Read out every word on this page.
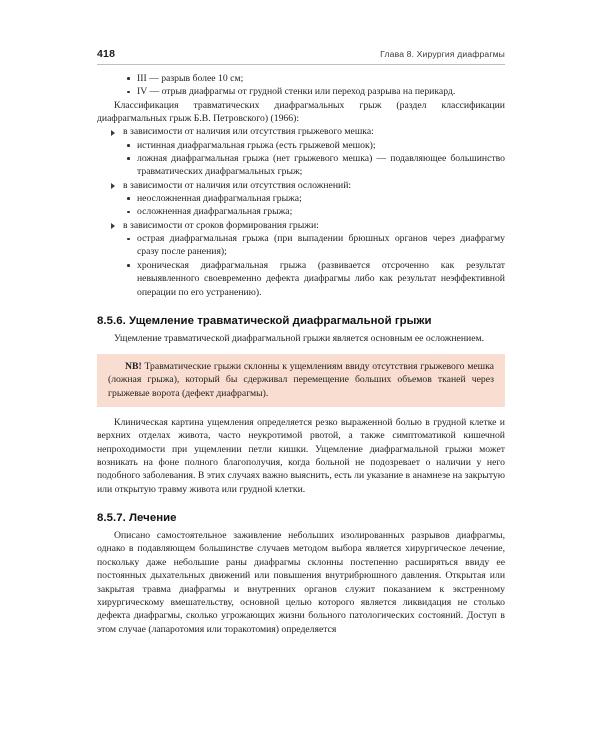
418	Глава 8. Хирургия диафрагмы
III — разрыв более 10 см;
IV — отрыв диафрагмы от грудной стенки или переход разрыва на перикард.

Классификация травматических диафрагмальных грыж (раздел классификации диафрагмальных грыж Б.В. Петровского) (1966):

в зависимости от наличия или отсутствия грыжевого мешка:
истинная диафрагмальная грыжа (есть грыжевой мешок);
ложная диафрагмальная грыжа (нет грыжевого мешка) — подавляющее большинство травматических диафрагмальных грыж;
в зависимости от наличия или отсутствия осложнений:
неосложненная диафрагмальная грыжа;
осложненная диафрагмальная грыжа;
в зависимости от сроков формирования грыжи:
острая диафрагмальная грыжа (при выпадении брюшных органов через диафрагму сразу после ранения);
хроническая диафрагмальная грыжа (развивается отсроченно как результат невыявленного своевременно дефекта диафрагмы либо как результат неэффективной операции по его устранению).
8.5.6. Ущемление травматической диафрагмальной грыжи

Ущемление травматической диафрагмальной грыжи является основным ее осложнением.

NB! Травматические грыжи склонны к ущемлениям ввиду отсутствия грыжевого мешка (ложная грыжа), который бы сдерживал перемещение больших объемов тканей через грыжевые ворота (дефект диафрагмы).

Клиническая картина ущемления определяется резко выраженной болью в грудной клетке и верхних отделах живота, часто неукротимой рвотой, а также симптоматикой кишечной непроходимости при ущемлении петли кишки. Ущемление диафрагмальной грыжи может возникать на фоне полного благополучия, когда больной не подозревает о наличии у него подобного заболевания. В этих случаях важно выяснить, есть ли указание в анамнезе на закрытую или открытую травму живота или грудной клетки.

8.5.7. Лечение

Описано самостоятельное заживление небольших изолированных разрывов диафрагмы, однако в подавляющем большинстве случаев методом выбора является хирургическое лечение, поскольку даже небольшие раны диафрагмы склонны постепенно расширяться ввиду ее постоянных дыхательных движений или повышения внутрибрюшного давления. Открытая или закрытая травма диафрагмы и внутренних органов служит показанием к экстренному хирургическому вмешательству, основной целью которого является ликвидация не столько дефекта диафрагмы, сколько угрожающих жизни больного патологических состояний. Доступ в этом случае (лапаротомия или торакотомия) определяется
